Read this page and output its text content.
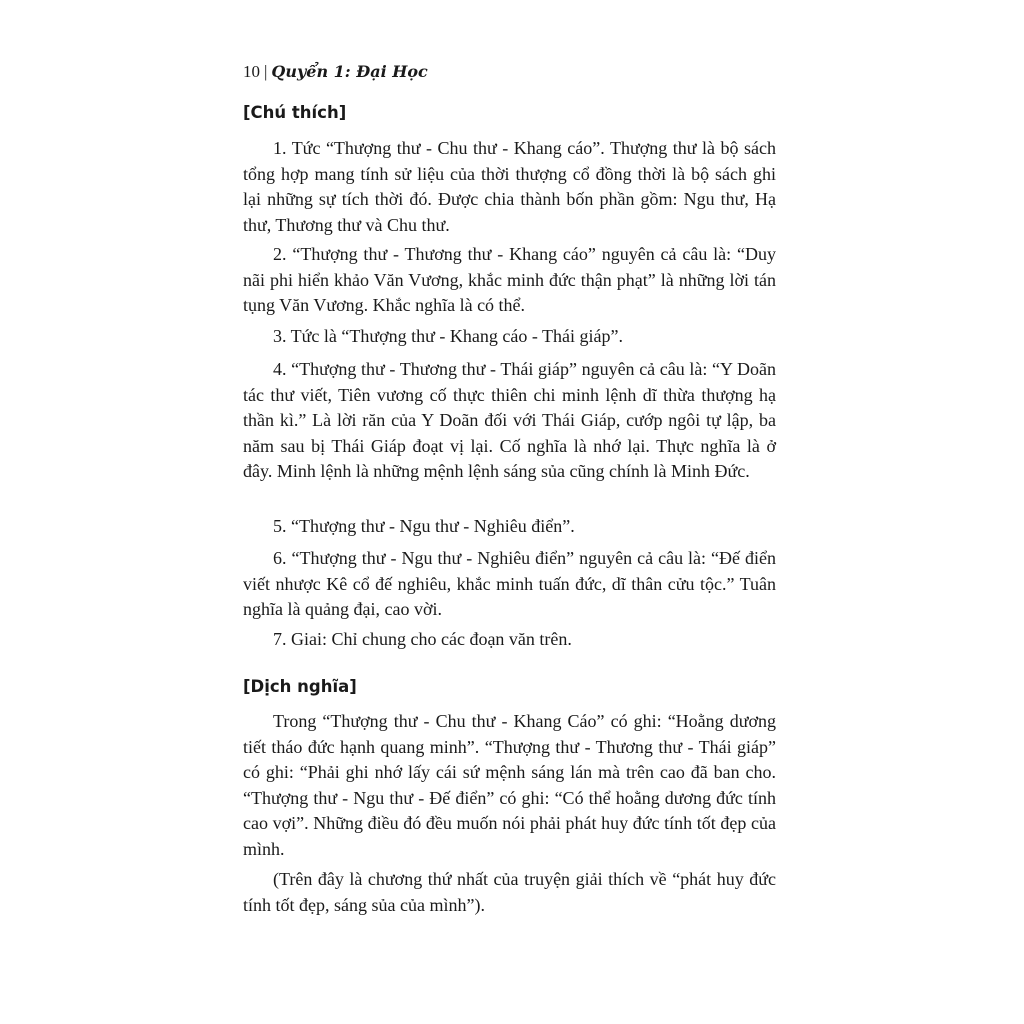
10 | Quyển 1: Đại Học
[Chú thích]

1. Tức “Thượng thư - Chu thư - Khang cáo”. Thượng thư là bộ sách tổng hợp mang tính sử liệu của thời thượng cổ đồng thời là bộ sách ghi lại những sự tích thời đó. Được chia thành bốn phần gồm: Ngu thư, Hạ thư, Thương thư và Chu thư.

2. “Thượng thư - Thương thư - Khang cáo” nguyên cả câu là: “Duy nãi phi hiển khảo Văn Vương, khắc minh đức thận phạt” là những lời tán tụng Văn Vương. Khắc nghĩa là có thể.

3. Tức là “Thượng thư - Khang cáo - Thái giáp”.

4. “Thượng thư - Thương thư - Thái giáp” nguyên cả câu là: “Y Doãn tác thư viết, Tiên vương cố thực thiên chi minh lệnh dĩ thừa thượng hạ thần kì.” Là lời răn của Y Doãn đối với Thái Giáp, cướp ngôi tự lập, ba năm sau bị Thái Giáp đoạt vị lại. Cố nghĩa là nhớ lại. Thực nghĩa là ở đây. Minh lệnh là những mệnh lệnh sáng sủa cũng chính là Minh Đức.

5. “Thượng thư - Ngu thư - Nghiêu điển”.

6. “Thượng thư - Ngu thư - Nghiêu điển” nguyên cả câu là: “Đế điển viết nhược Kê cổ đế nghiêu, khắc minh tuấn đức, dĩ thân cửu tộc.” Tuân nghĩa là quảng đại, cao vời.

7. Giai: Chỉ chung cho các đoạn văn trên.

[Dịch nghĩa]

Trong “Thượng thư - Chu thư - Khang Cáo” có ghi: “Hoằng dương tiết tháo đức hạnh quang minh”. “Thượng thư - Thương thư - Thái giáp” có ghi: “Phải ghi nhớ lấy cái sứ mệnh sáng lán mà trên cao đã ban cho. “Thượng thư - Ngu thư - Đế điển” có ghi: “Có thể hoằng dương đức tính cao vợi”. Những điều đó đều muốn nói phải phát huy đức tính tốt đẹp của mình.

(Trên đây là chương thứ nhất của truyện giải thích về “phát huy đức tính tốt đẹp, sáng sủa của mình”).
